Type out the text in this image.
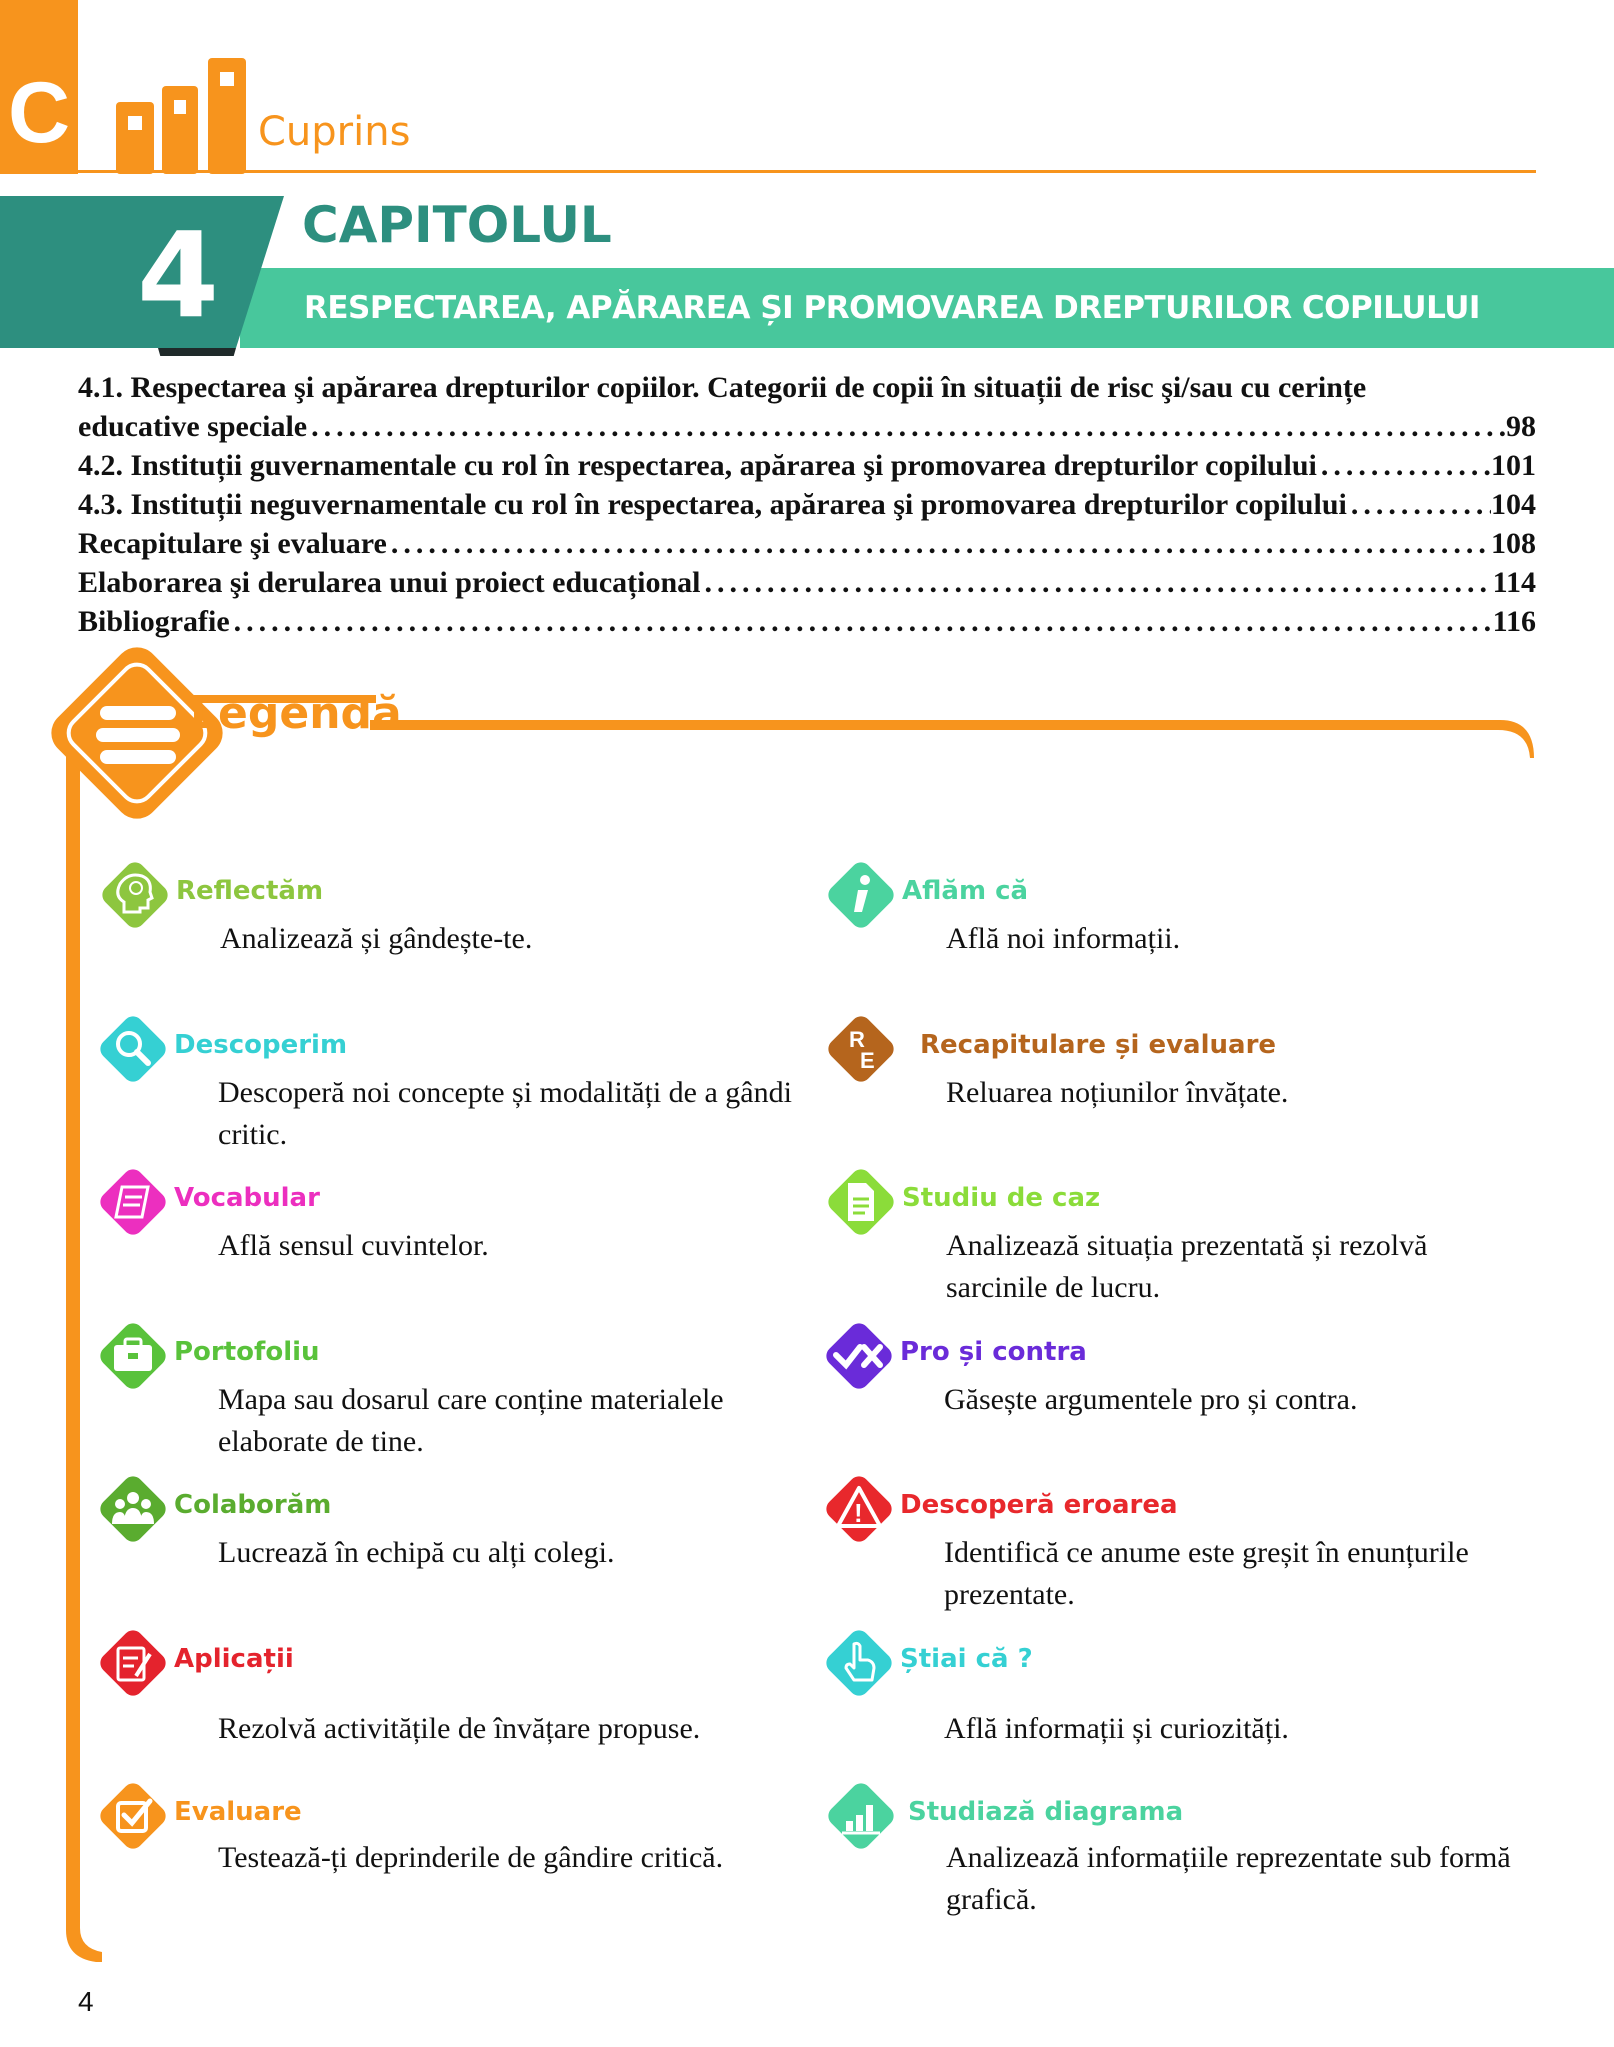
C	Cuprins
4	CAPITOLUL
RESPECTAREA, APĂRAREA ȘI PROMOVAREA DREPTURILOR COPILULUI
4.1. Respectarea şi apărarea drepturilor copiilor. Categorii de copii în situații de risc şi/sau cu cerințe
educative speciale .....	98
4.2. Instituții guvernamentale cu rol în respectarea, apărarea şi promovarea drepturilor copilului .....	101
4.3. Instituții neguvernamentale cu rol în respectarea, apărarea şi promovarea drepturilor copilului .....	104
Recapitulare şi evaluare .....	108
Elaborarea şi derularea unui proiect educațional .....	114
Bibliografie .....	116
Legendă
Reflectăm
Analizează și gândește-te.
Descoperim
Descoperă noi concepte și modalități de a gândi critic.
Vocabular
Află sensul cuvintelor.
Portofoliu
Mapa sau dosarul care conține materialele elaborate de tine.
Colaborăm
Lucrează în echipă cu alți colegi.
Aplicații
Rezolvă activitățile de învățare propuse.
Evaluare
Testează-ți deprinderile de gândire critică.
Aflăm că
Află noi informații.
R
E
Recapitulare și evaluare
Reluarea noțiunilor învățate.
Studiu de caz
Analizează situația prezentată și rezolvă sarcinile de lucru.
Pro și contra
Găsește argumentele pro și contra.
! Descoperă eroarea
Identifică ce anume este greșit în enunțurile prezentate.
Știai că ?
Află informații și curiozități.
Studiază diagrama
Analizează informațiile reprezentate sub formă grafică.
4
